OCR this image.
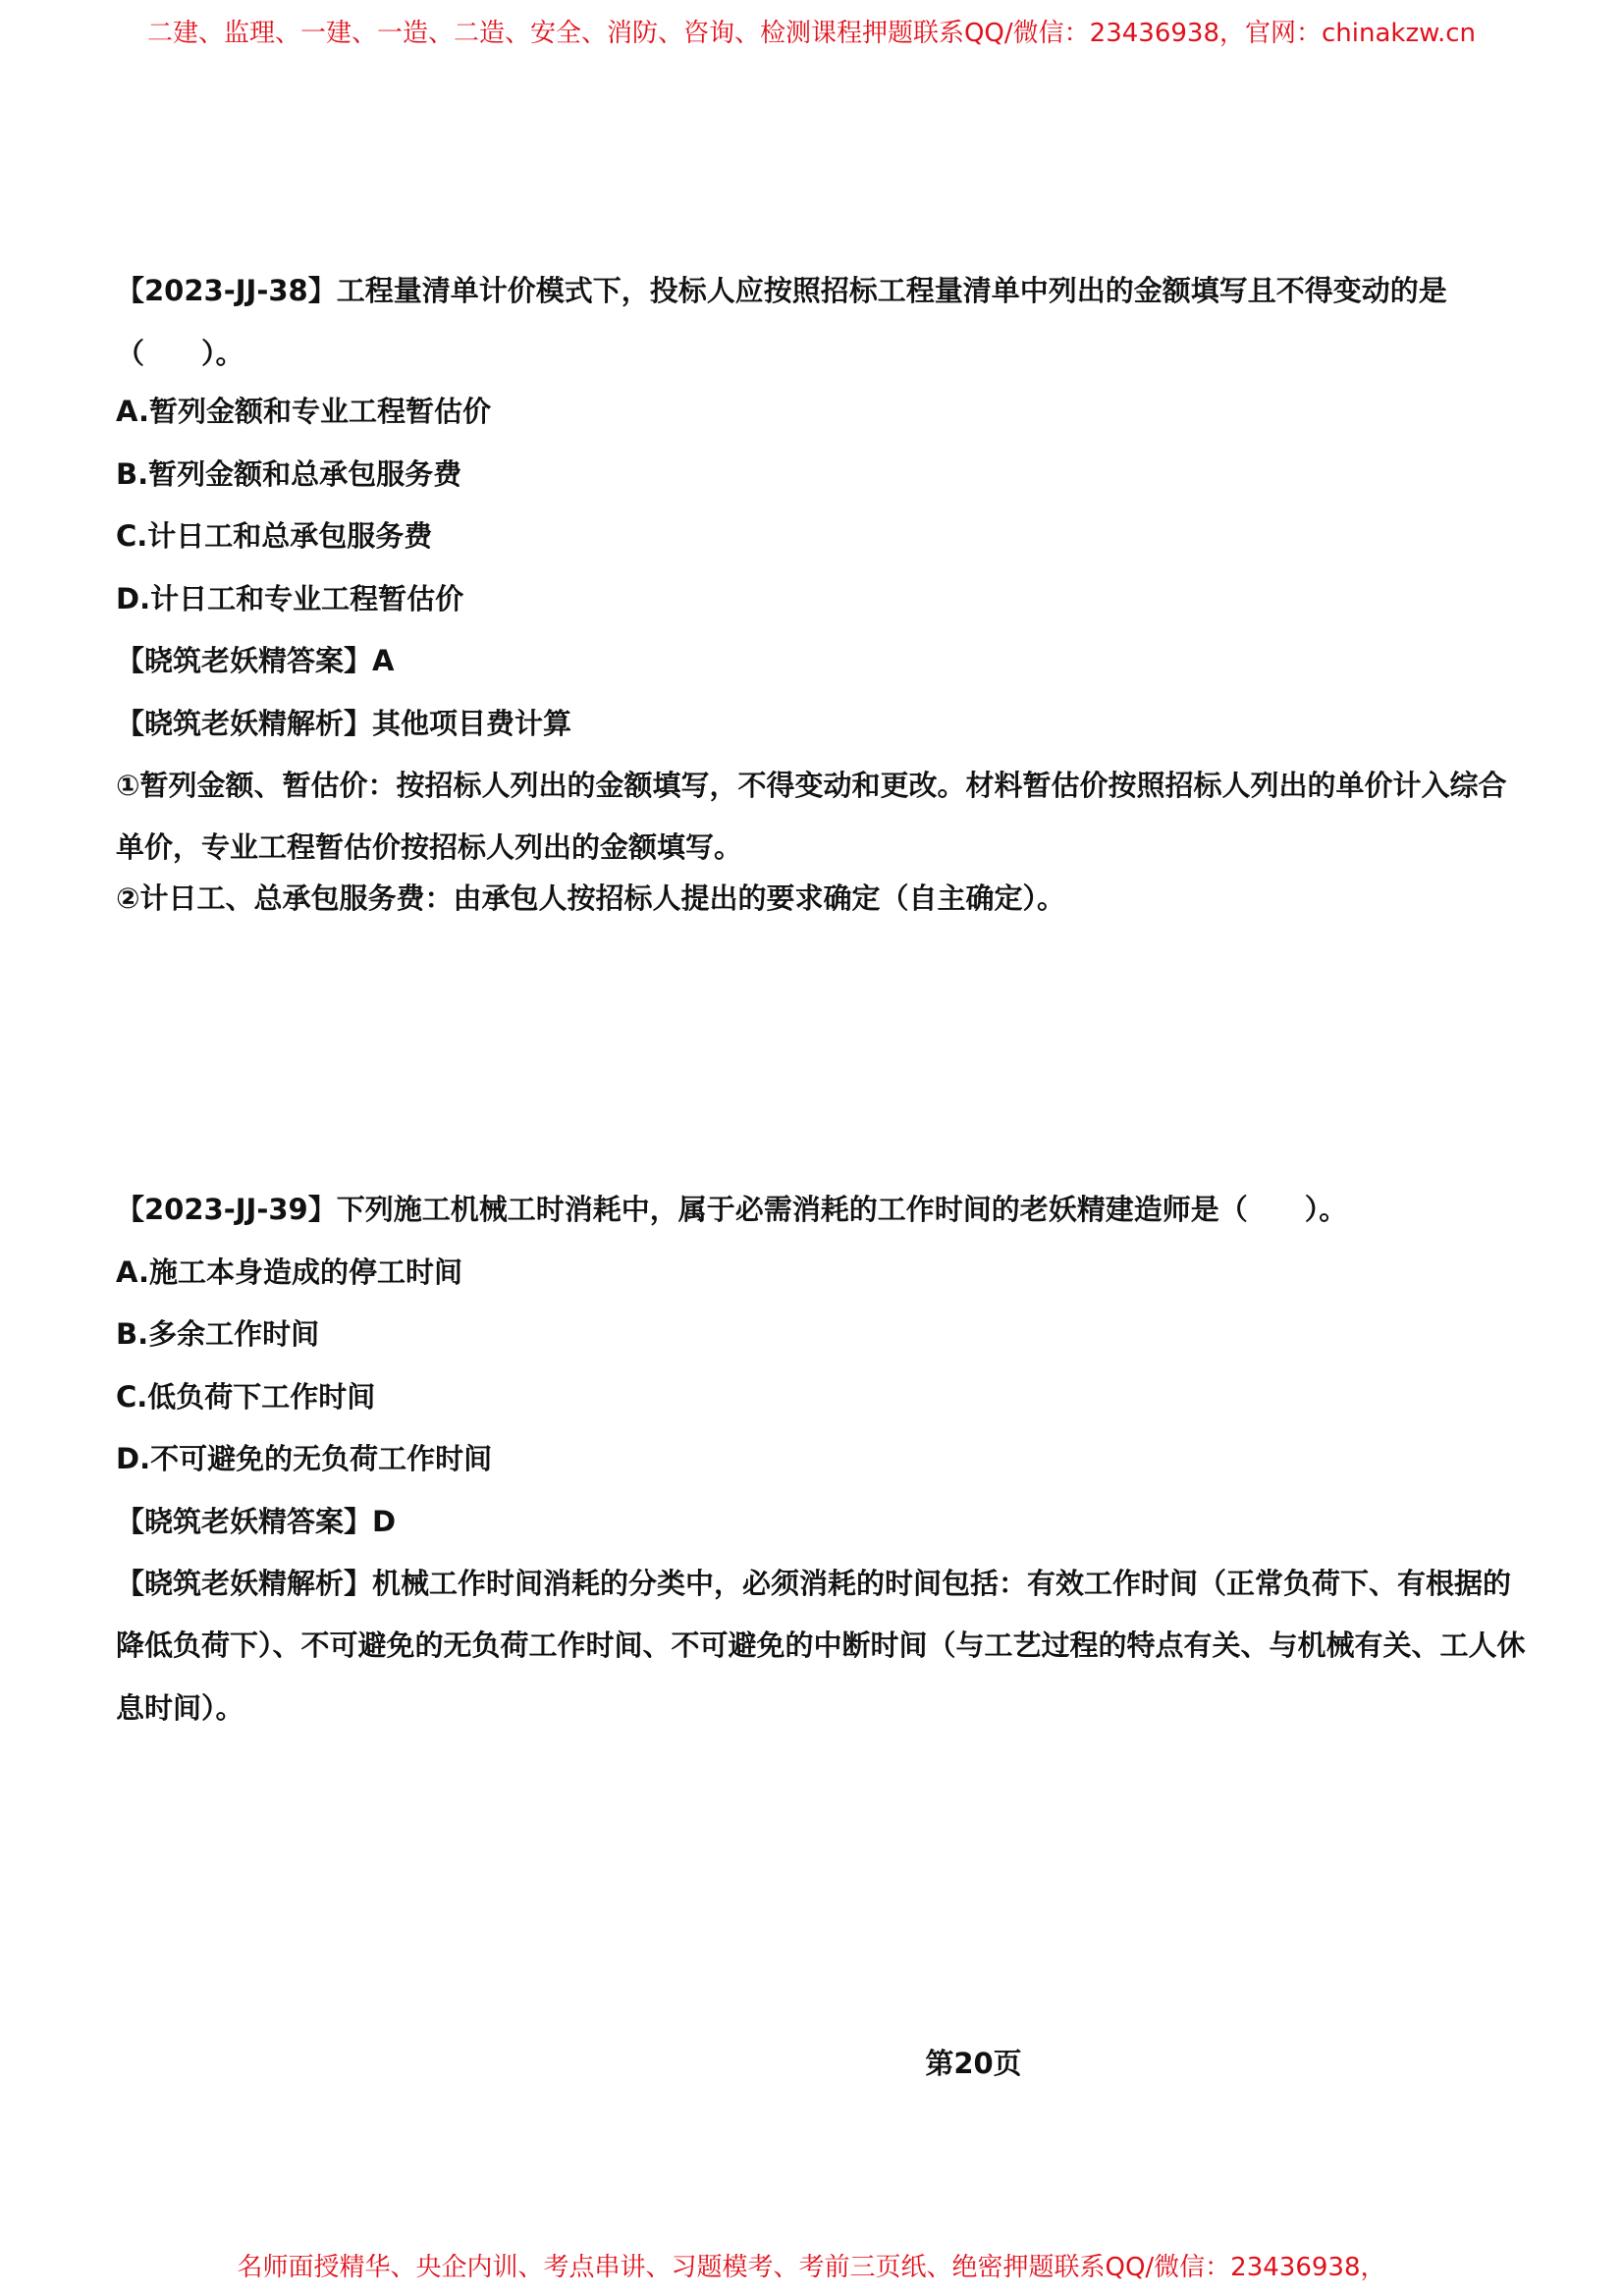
二建、监理、一建、一造、二造、安全、消防、咨询、检测课程押题联系QQ/微信：23436938，官网：chinakzw.cn
【2023-JJ-38】工程量清单计价模式下，投标人应按照招标工程量清单中列出的金额填写且不得变动的是（　　）。
A.暂列金额和专业工程暂估价
B.暂列金额和总承包服务费
C.计日工和总承包服务费
D.计日工和专业工程暂估价
【晓筑老妖精答案】A
【晓筑老妖精解析】其他项目费计算
①暂列金额、暂估价：按招标人列出的金额填写，不得变动和更改。材料暂估价按照招标人列出的单价计入综合单价，专业工程暂估价按招标人列出的金额填写。
②计日工、总承包服务费：由承包人按招标人提出的要求确定（自主确定）。
【2023-JJ-39】下列施工机械工时消耗中，属于必需消耗的工作时间的老妖精建造师是（　　）。
A.施工本身造成的停工时间
B.多余工作时间
C.低负荷下工作时间
D.不可避免的无负荷工作时间
【晓筑老妖精答案】D
【晓筑老妖精解析】机械工作时间消耗的分类中，必须消耗的时间包括：有效工作时间（正常负荷下、有根据的降低负荷下）、不可避免的无负荷工作时间、不可避免的中断时间（与工艺过程的特点有关、与机械有关、工人休息时间）。
第20页
名师面授精华、央企内训、考点串讲、习题模考、考前三页纸、绝密押题联系QQ/微信：23436938，
